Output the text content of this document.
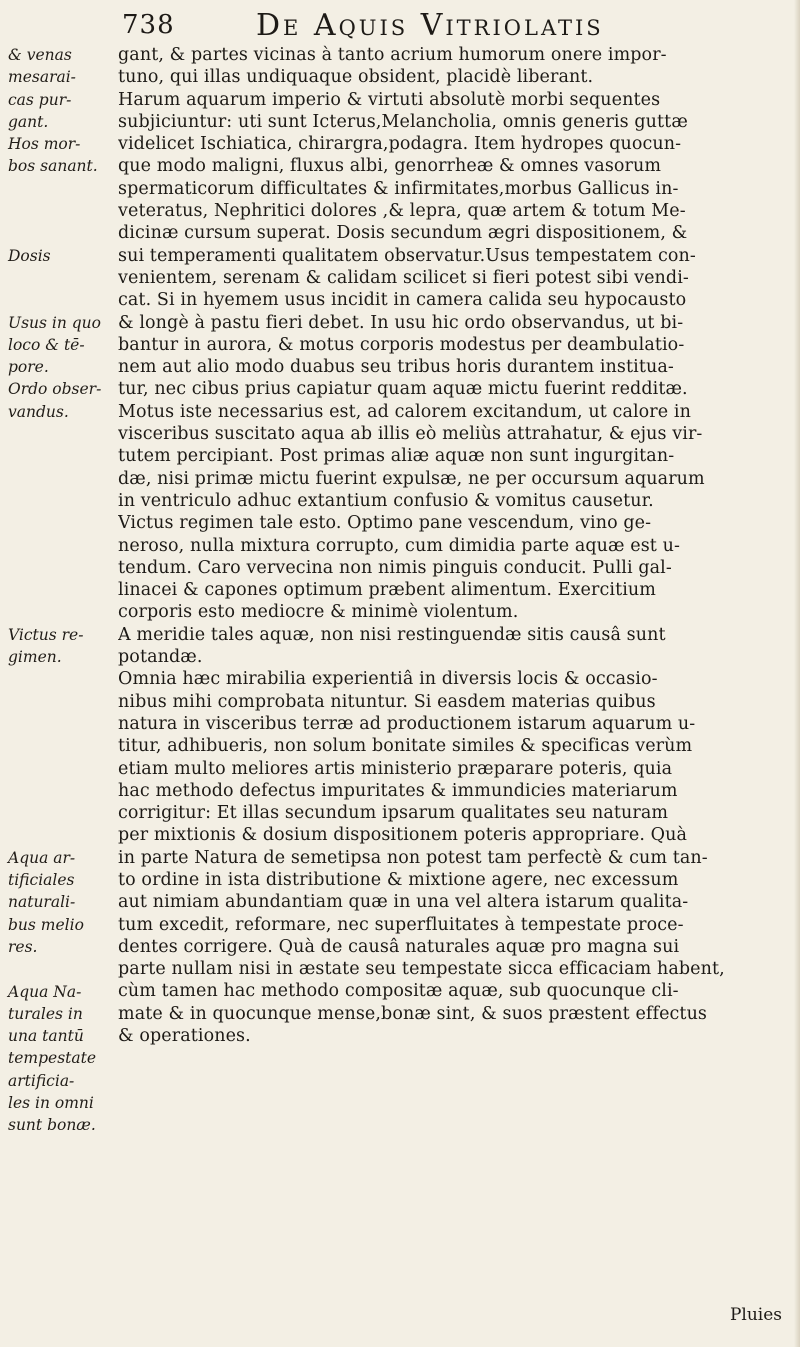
738	De Aquis Vitriolatis
& venas
mesarai-
cas pur-
gant.
Hos mor-
bos sanant.
Dosis
Usus in quo
loco & tē-
pore.
Ordo obser-
vandus.
Victus re-
gimen.
Aqua ar-
tificiales
naturali-
bus melio
res.
Aqua Na-
turales in
una tantū
tempestate
artificia-
les in omni
sunt bonæ.
gant, & partes vicinas à tanto acrium humorum onere impor-
tuno, qui illas undiquaque obsident, placidè liberant.
Harum aquarum imperio & virtuti absolutè morbi sequentes
subjiciuntur: uti sunt Icterus,Melancholia, omnis generis guttæ
videlicet Ischiatica, chirargra,podagra. Item hydropes quocun-
que modo maligni, fluxus albi, genorrheæ & omnes vasorum
spermaticorum difficultates & infirmitates,morbus Gallicus in-
veteratus, Nephritici dolores ,& lepra, quæ artem & totum Me-
dicinæ cursum superat. Dosis secundum ægri dispositionem, &
sui temperamenti qualitatem observatur.Usus tempestatem con-
venientem, serenam & calidam scilicet si fieri potest sibi vendi-
cat. Si in hyemem usus incidit in camera calida seu hypocausto
& longè à pastu fieri debet. In usu hic ordo observandus, ut bi-
bantur in aurora, & motus corporis modestus per deambulatio-
nem aut alio modo duabus seu tribus horis durantem instituа-
tur, nec cibus prius capiatur quam aquæ mictu fuerint redditæ.
Motus iste necessarius est, ad calorem excitandum, ut calore in
visceribus suscitato aqua ab illis eò meliùs attrahatur, & ejus vir-
tutem percipiant. Post primas aliæ aquæ non sunt ingurgitan-
dæ, nisi primæ mictu fuerint expulsæ, ne per occursum aquarum
in ventriculo adhuc extantium confusio & vomitus causetur.
Victus regimen tale esto. Optimo pane vescendum, vino ge-
neroso, nulla mixtura corrupto, cum dimidia parte aquæ est u-
tendum. Caro vervecina non nimis pinguis conducit. Pulli gal-
linacei & capones optimum præbent alimentum. Exercitium
corporis esto mediocre & minimè violentum.
A meridie tales aquæ, non nisi restinguendæ sitis causâ sunt
potandæ.
Omnia hæc mirabilia experientiâ in diversis locis & occasio-
nibus mihi comprobata nituntur. Si easdem materias quibus
natura in visceribus terræ ad productionem istarum aquarum u-
titur, adhibueris, non solum bonitate similes & specificas verùm
etiam multo meliores artis ministerio præparare poteris, quia
hac methodo defectus impuritates & immundicies materiarum
corrigitur: Et illas secundum ipsarum qualitates seu naturam
per mixtionis & dosium dispositionem poteris appropriare. Quà
in parte Natura de semetipsa non potest tam perfectè & cum tan-
to ordine in ista distributione & mixtione agere, nec excessum
aut nimiam abundantiam quæ in una vel altera istarum qualita-
tum excedit, reformare, nec superfluitates à tempestate proce-
dentes corrigere. Quà de causâ naturales aquæ pro magna sui
parte nullam nisi in æstate seu tempestate sicca efficaciam habent,
cùm tamen hac methodo compositæ aquæ, sub quocunque cli-
mate & in quocunque mense,bonæ sint, & suos præstent effectus
& operationes.
Pluies
